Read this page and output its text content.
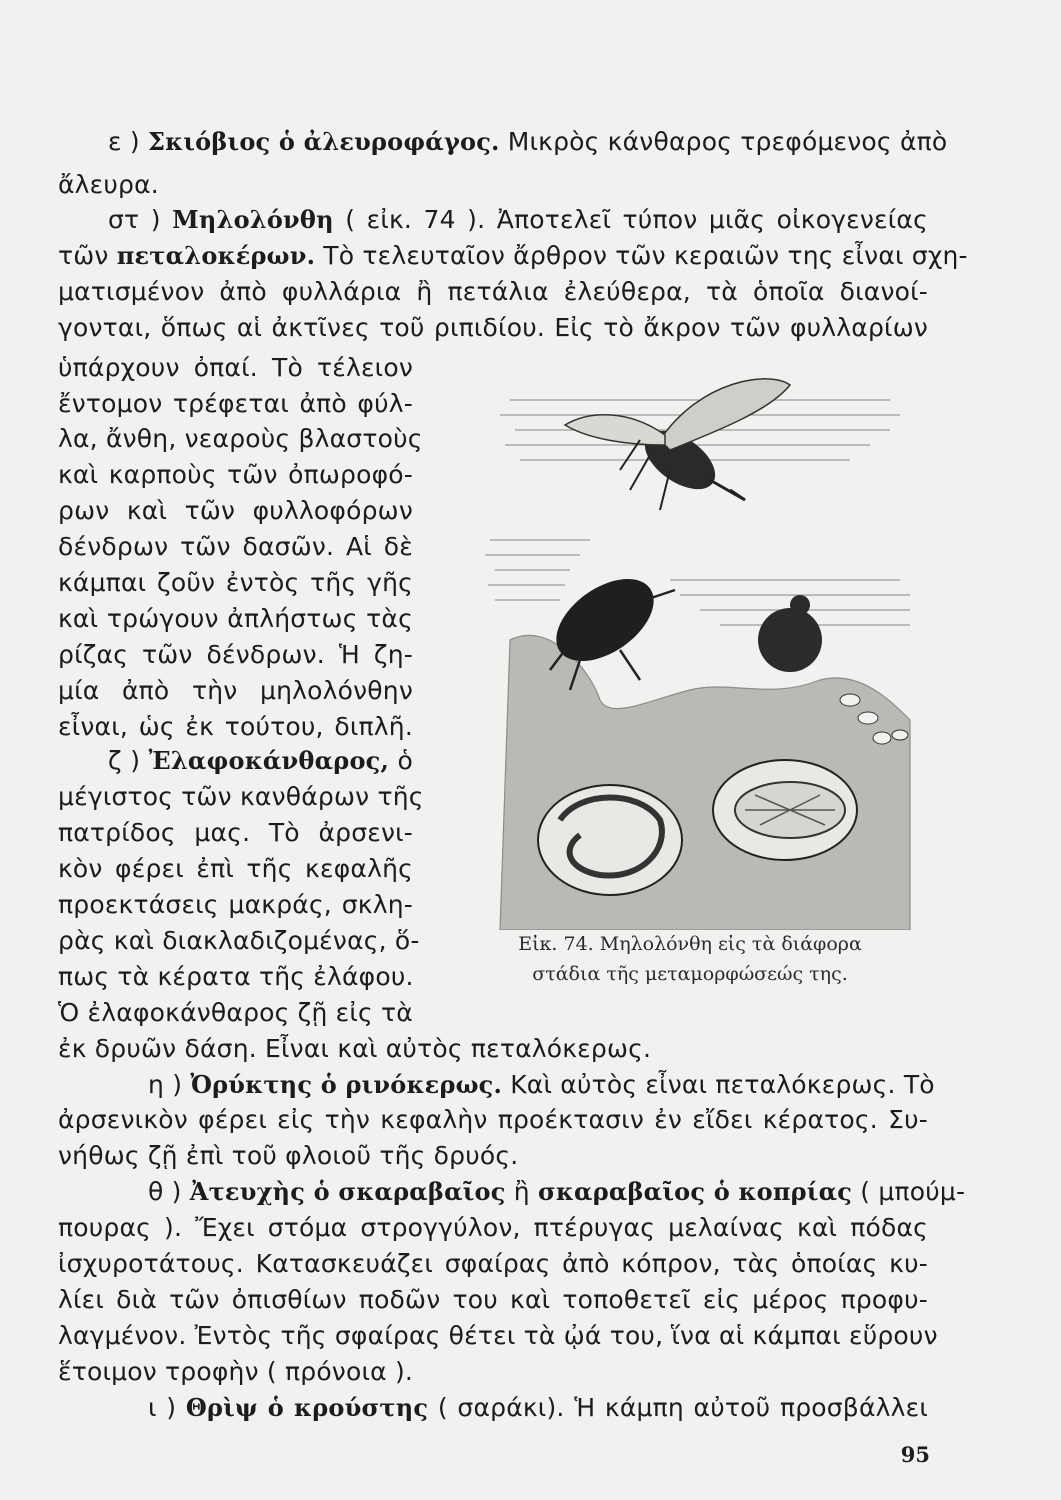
ε ) Σκιόβιος ὁ ἀλευροφάγος. Μικρὸς κάνθαρος τρεφόμενος ἀπὸ
ἄλευρα.
στ ) Μηλολόνθη ( εἰκ. 74 ). Ἀποτελεῖ τύπον μιᾶς οἰκογενείας
τῶν πεταλοκέρων. Τὸ τελευταῖον ἄρθρον τῶν κεραιῶν της εἶναι σχη-
ματισμένον ἀπὸ φυλλάρια ἢ πετάλια ἐλεύθερα, τὰ ὁποῖα διανοί-
γονται, ὅπως αἱ ἀκτῖνες τοῦ ριπιδίου. Εἰς τὸ ἄκρον τῶν φυλλαρίων
ὑπάρχουν ὀπαί. Τὸ τέλειον
ἔντομον τρέφεται ἀπὸ φύλ-
λα, ἄνθη, νεαροὺς βλαστοὺς
καὶ καρποὺς τῶν ὀπωροφό-
ρων καὶ τῶν φυλλοφόρων
δένδρων τῶν δασῶν. Αἱ δὲ
κάμπαι ζοῦν ἐντὸς τῆς γῆς
καὶ τρώγουν ἀπλήστως τὰς
ρίζας τῶν δένδρων. Ἡ ζη-
μία ἀπὸ τὴν μηλολόνθην
εἶναι, ὡς ἐκ τούτου, διπλῆ.
ζ ) Ἐλαφοκάνθαρος, ὁ
μέγιστος τῶν κανθάρων τῆς
πατρίδος μας. Τὸ ἀρσενι-
κὸν φέρει ἐπὶ τῆς κεφαλῆς
προεκτάσεις μακράς, σκλη-
ρὰς καὶ διακλαδιζομένας, ὅ-
πως τὰ κέρατα τῆς ἐλάφου.
Ὁ ἐλαφοκάνθαρος ζῇ εἰς τὰ
ἐκ δρυῶν δάση. Εἶναι καὶ αὐτὸς πεταλόκερως.
η ) Ὀρύκτης ὁ ρινόκερως. Καὶ αὐτὸς εἶναι πεταλόκερως. Τὸ
ἀρσενικὸν φέρει εἰς τὴν κεφαλὴν προέκτασιν ἐν εἴδει κέρατος. Συ-
νήθως ζῇ ἐπὶ τοῦ φλοιοῦ τῆς δρυός.
θ ) Ἀτευχὴς ὁ σκαραβαῖος ἢ σκαραβαῖος ὁ κοπρίας ( μπούμ-
πουρας ). Ἔχει στόμα στρογγύλον, πτέρυγας μελαίνας καὶ πόδας
ἰσχυροτάτους. Κατασκευάζει σφαίρας ἀπὸ κόπρον, τὰς ὁποίας κυ-
λίει διὰ τῶν ὀπισθίων ποδῶν του καὶ τοποθετεῖ εἰς μέρος προφυ-
λαγμένον. Ἐντὸς τῆς σφαίρας θέτει τὰ ᾠά του, ἵνα αἱ κάμπαι εὕρουν
ἕτοιμον τροφὴν ( πρόνοια ).
ι ) Θρὶψ ὁ κρούστης ( σαράκι). Ἡ κάμπη αὐτοῦ προσβάλλει
Εἰκ. 74. Μηλολόνθη εἰς τὰ διάφορα
στάδια τῆς μεταμορφώσεώς της.
95
